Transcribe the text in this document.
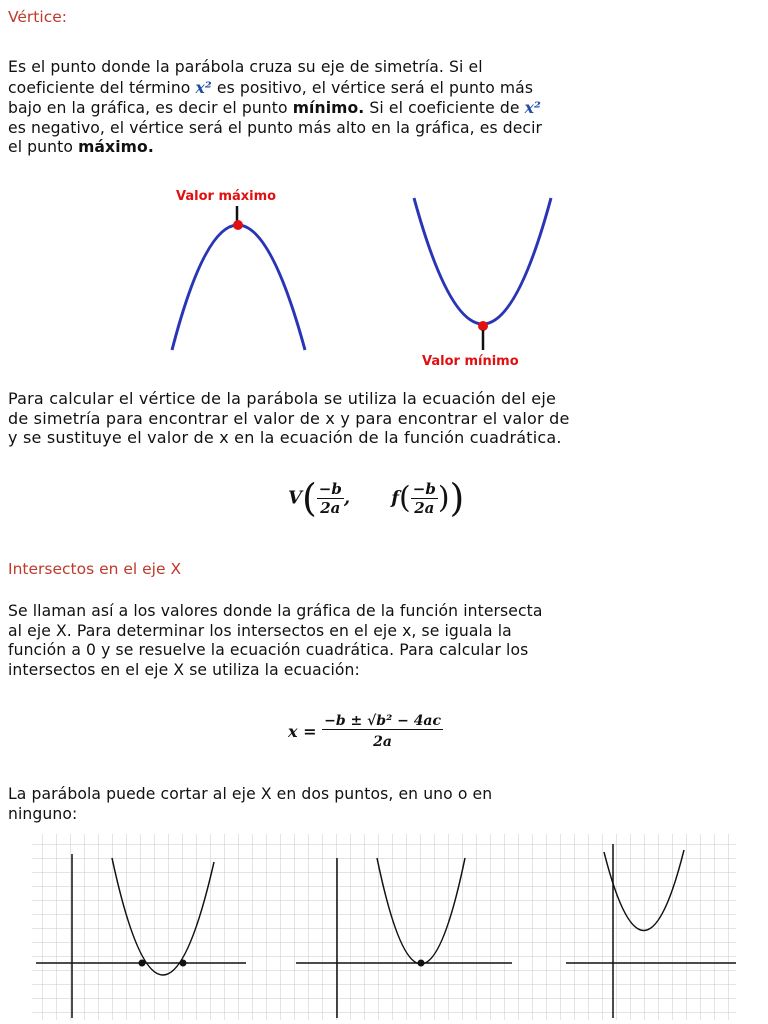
Vértice:
Es el punto donde la parábola cruza su eje de simetría. Si el
coeficiente del término x² es positivo, el vértice será el punto más
bajo en la gráfica, es decir el punto mínimo. Si el coeficiente de x²
es negativo, el vértice será el punto más alto en la gráfica, es decir
el punto máximo.
Valor máximo
Valor mínimo
Para calcular el vértice de la parábola se utiliza la ecuación del eje
de simetría para encontrar el valor de x y para encontrar el valor de
y se sustituye el valor de x en la ecuación de la función cuadrática.
$V( \frac{-b}{2a}$ , $f( \frac{-b}{2a}$ ))
Intersectos en el eje X
Se llaman así a los valores donde la gráfica de la función intersecta
al eje X. Para determinar los intersectos en el eje x, se iguala la
función a 0 y se resuelve la ecuación cuadrática. Para calcular los
intersectos en el eje X se utiliza la ecuación:
$x = \frac{\text{−b ± √b² − 4ac}}{2a}$
La parábola puede cortar al eje X en dos puntos, en uno o en
ninguno:
